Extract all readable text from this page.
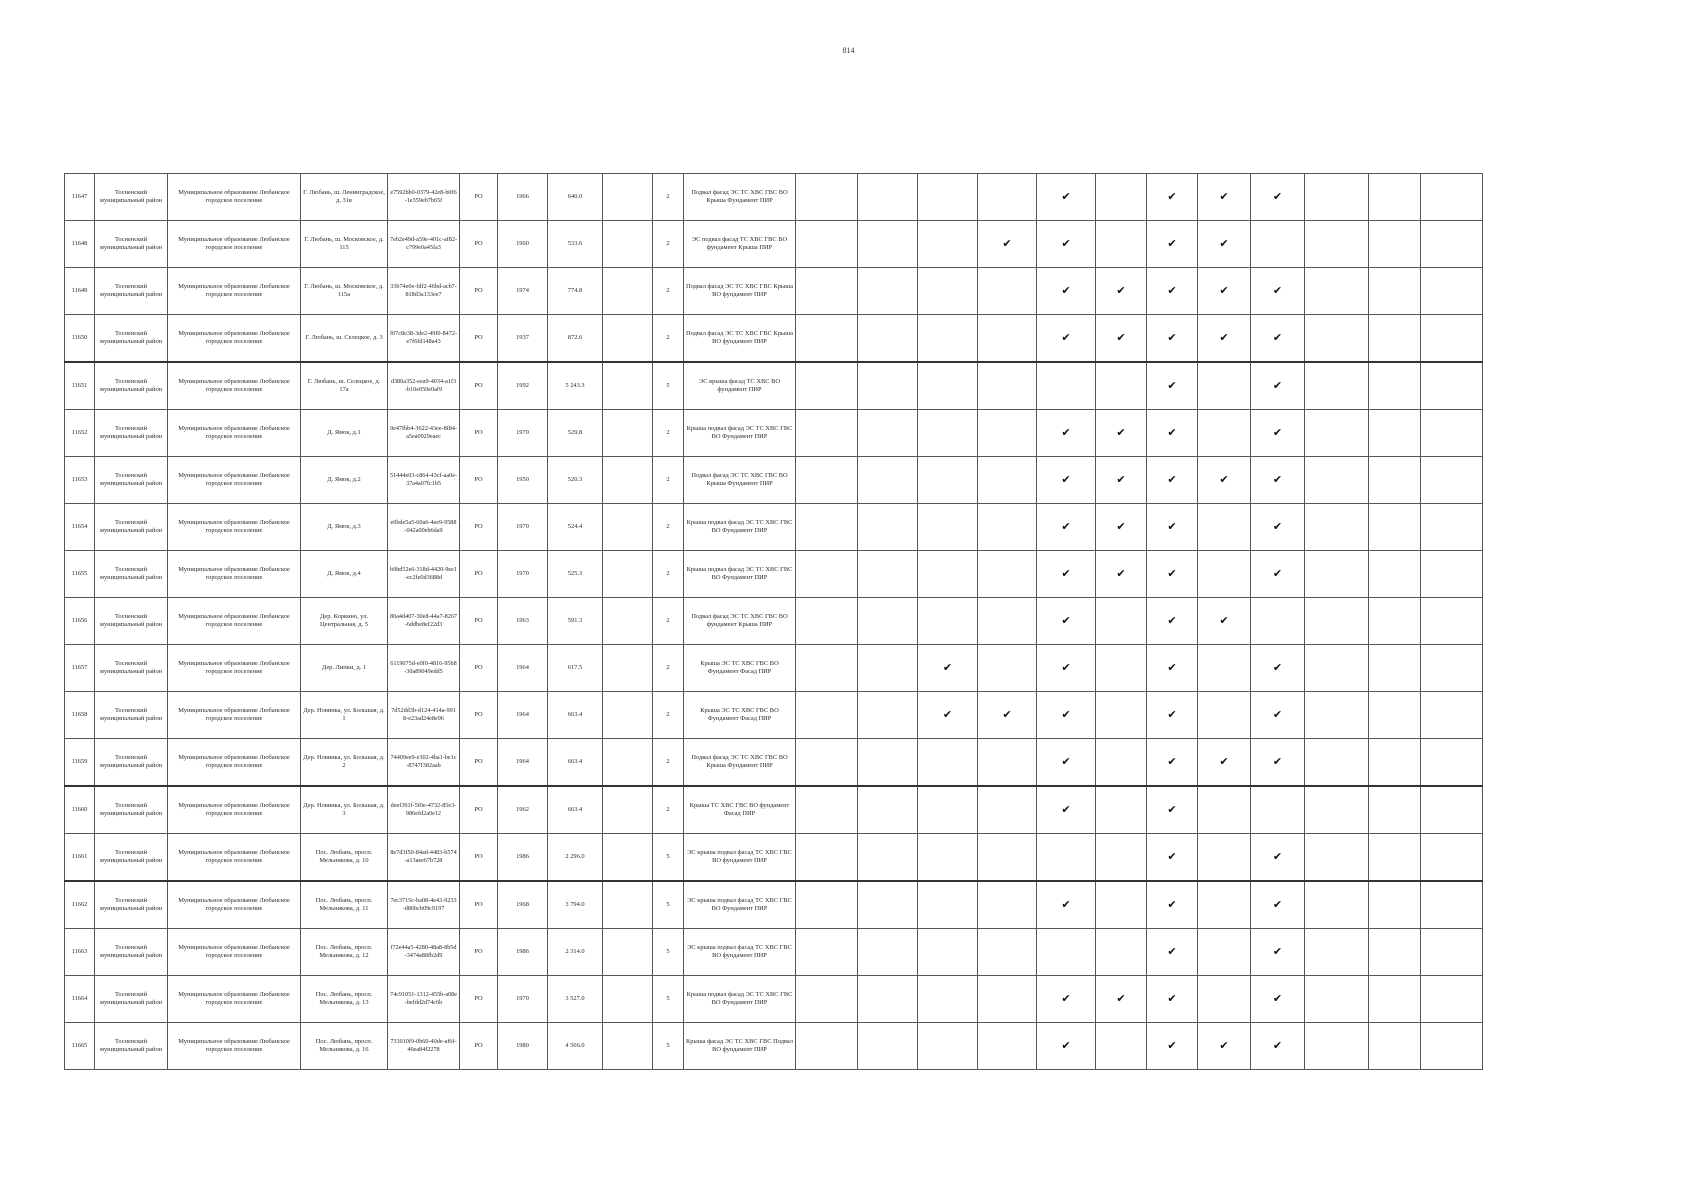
814
11647	Тосненский муниципальный район	Муниципальное образование Любанское городское поселение	Г. Любань, ш. Ленинградское, д. 31в	e7592bb0-0379-42e8-b0f6-1e359eb7b65f	РО	1966	640.0		2	Подвал фасад ЭС ТС ХВС ГВС ВО Крыша Фундамент ПИР					✔		✔	✔	✔			
11648	Тосненский муниципальный район	Муниципальное образование Любанское городское поселение	Г. Любань, ш. Московское, д. 115	7eb2e49d-a59e-401c-af82-c799e0a45fa3	РО	1960	533.6		2	ЭС подвал фасад ТС ХВС ГВС ВО фундамент Крыша ПИР				✔	✔		✔	✔				
11649	Тосненский муниципальный район	Муниципальное образование Любанское городское поселение	Г. Любань, ш. Московское, д. 115а	33b74e0e-fdf2-46bd-acb7-818d3a133ee7	РО	1974	774.8		2	Подвал фасад ЭС ТС ХВС ГВС Крыша ВО фундамент ПИР					✔	✔	✔	✔	✔			
11650	Тосненский муниципальный район	Муниципальное образование Любанское городское поселение	Г. Любань, ш. Селецкое, д. 3	f07c8e38-3de2-49f0-8472-e7f6fd148a43	РО	1937	872.6		2	Подвал фасад ЭС ТС ХВС ГВС Крыша ВО фундамент ПИР					✔	✔	✔	✔	✔			
11651	Тосненский муниципальный район	Муниципальное образование Любанское городское поселение	Г. Любань, ш. Селецкое, д. 17а	d380a352-eea9-4034-a1f3-b10e050e0af9	РО	1992	5 243.3		5	ЭС крыша фасад ТС ХВС ВО фундамент ПИР							✔		✔			
11652	Тосненский муниципальный район	Муниципальное образование Любанское городское поселение	Д. Ямок, д.1	9e47fbb4-3622-43ee-8f84-a5ea0929eaec	РО	1970	529.8		2	Крыша подвал фасад ЭС ТС ХВС ГВС ВО Фундамент ПИР					✔	✔	✔		✔			
11653	Тосненский муниципальный район	Муниципальное образование Любанское городское поселение	Д. Ямок, д.2	51444e03-c864-43cf-aa0e-37a4a07fc1b5	РО	1950	520.3		2	Подвал фасад ЭС ТС ХВС ГВС ВО Крыша Фундамент ПИР					✔	✔	✔	✔	✔			
11654	Тосненский муниципальный район	Муниципальное образование Любанское городское поселение	Д. Ямок, д.3	e0bde5a5-60a6-4ee9-9588-042a00eb6da9	РО	1970	524.4		2	Крыша подвал фасад ЭС ТС ХВС ГВС ВО Фундамент ПИР					✔	✔	✔		✔			
11655	Тосненский муниципальный район	Муниципальное образование Любанское городское поселение	Д. Ямок, д.4	b9bd52e6-318d-4420-9ee1-ec2fe0d3688d	РО	1970	525.3		2	Крыша подвал фасад ЭС ТС ХВС ГВС ВО Фундамент ПИР					✔	✔	✔		✔			
11656	Тосненский муниципальный район	Муниципальное образование Любанское городское поселение	Дер. Коркино, ул. Центральная, д. 5	80a4d407-30e8-44a7-8267-6ddbe8ef22d3	РО	1963	591.3		2	Подвал фасад ЭС ТС ХВС ГВС ВО фундамент Крыша ПИР					✔		✔	✔				
11657	Тосненский муниципальный район	Муниципальное образование Любанское городское поселение	Дер. Липки, д. 1	6119075d-e0f0-4816-95b8-30a89049edd5	РО	1964	617.5		2	Крыша ЭС ТС ХВС ГВС ВО Фундамент Фасад ПИР			✔		✔		✔		✔			
11658	Тосненский муниципальный район	Муниципальное образование Любанское городское поселение	Дер. Новинка, ул. Большая, д. 1	7d52dd3b-d124-414a-9918-e23ad24e8e96	РО	1964	663.4		2	Крыша ЭС ТС ХВС ГВС ВО Фундамент Фасад ПИР			✔	✔	✔		✔		✔			
11659	Тосненский муниципальный район	Муниципальное образование Любанское городское поселение	Дер. Новинка, ул. Большая, д. 2	74409ee9-e302-4ba1-be1c-8747f382aab	РО	1964	663.4		2	Подвал фасад ЭС ТС ХВС ГВС ВО Крыша Фундамент ПИР					✔		✔	✔	✔			
11660	Тосненский муниципальный район	Муниципальное образование Любанское городское поселение	Дер. Новинка, ул. Большая, д. 3	deef391f-5f0e-4732-85e3-986efd2a0e12	РО	1962	663.4		2	Крыша ТС ХВС ГВС ВО фундамент Фасад ПИР					✔		✔					
11661	Тосненский муниципальный район	Муниципальное образование Любанское городское поселение	Пос. Любань, просп. Мельникова, д. 10	8e7d3f50-84ad-4483-b574-a13aee67b728	РО	1986	2 296.0		5	ЭС крыша подвал фасад ТС ХВС ГВС ВО фундамент ПИР							✔		✔			
11662	Тосненский муниципальный район	Муниципальное образование Любанское городское поселение	Пос. Любань, просп. Мельникова, д. 11	7ec3715c-ba08-4e43-9233-d86bcb09c9197	РО	1968	3 794.0		5	ЭС крыша подвал фасад ТС ХВС ГВС ВО Фундамент ПИР					✔		✔		✔			
11663	Тосненский муниципальный район	Муниципальное образование Любанское городское поселение	Пос. Любань, просп. Мельникова, д. 12	f72e44a5-4280-48a8-8b5d-3474a88fb2d9	РО	1986	2 314.0		5	ЭС крыша подвал фасад ТС ХВС ГВС ВО фундамент ПИР							✔		✔			
11664	Тосненский муниципальный район	Муниципальное образование Любанское городское поселение	Пос. Любань, просп. Мельникова, д. 13	74c91051-1312-455b-a08e-befdd2d74c6b	РО	1970	3 527.0		5	Крыша подвал фасад ЭС ТС ХВС ГВС ВО Фундамент ПИР					✔	✔	✔		✔			
11665	Тосненский муниципальный район	Муниципальное образование Любанское городское поселение	Пос. Любань, просп. Мельникова, д. 16	733010f9-0b60-40de-af6f-46ea84f2278	РО	1980	4 566.0		5	Крыша фасад ЭС ТС ХВС ГВС Подвал ВО фундамент ПИР					✔		✔	✔	✔			
